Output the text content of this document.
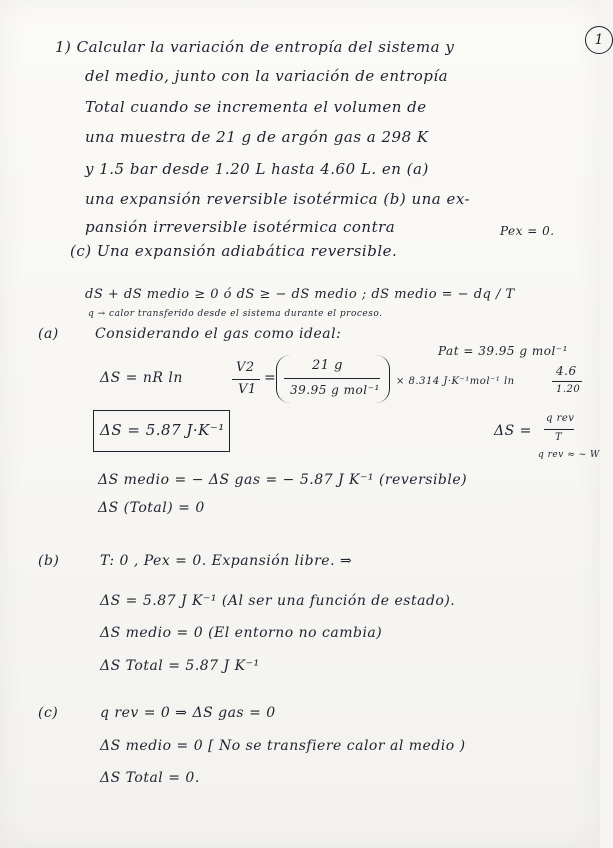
1
1) Calcular la variación de entropía del sistema y
del medio, junto con la variación de entropía
Total cuando se incrementa el volumen de
una muestra de 21 g de argón gas a 298 K
y 1.5 bar desde 1.20 L hasta 4.60 L. en (a)
una expansión reversible isotérmica (b) una ex-
pansión irreversible isotérmica contra	Pex = 0.
(c) Una expansión adiabática reversible.
dS + dS medio ≥ 0 ó dS ≥ − dS medio ; dS medio = − dq / T
q → calor transferido desde el sistema durante el proceso.
(a)	Considerando el gas como ideal:
Pat = 39.95 g mol⁻¹
ΔS = nR ln
V2
V1
=
21 g
39.95 g mol⁻¹
× 8.314 J·K⁻¹mol⁻¹ ln
4.6
1.20
ΔS = 5.87 J·K⁻¹	ΔS =
q rev
T
q rev ≈ ~ W
ΔS medio = − ΔS gas = − 5.87 J K⁻¹ (reversible)
ΔS (Total) = 0
(b)	T: 0 , Pex = 0. Expansión libre. ⇒
ΔS = 5.87 J K⁻¹ (Al ser una función de estado).
ΔS medio = 0 (El entorno no cambia)
ΔS Total = 5.87 J K⁻¹
(c)	q rev = 0 ⇒ ΔS gas = 0
ΔS medio = 0 [ No se transfiere calor al medio )
ΔS Total = 0.
